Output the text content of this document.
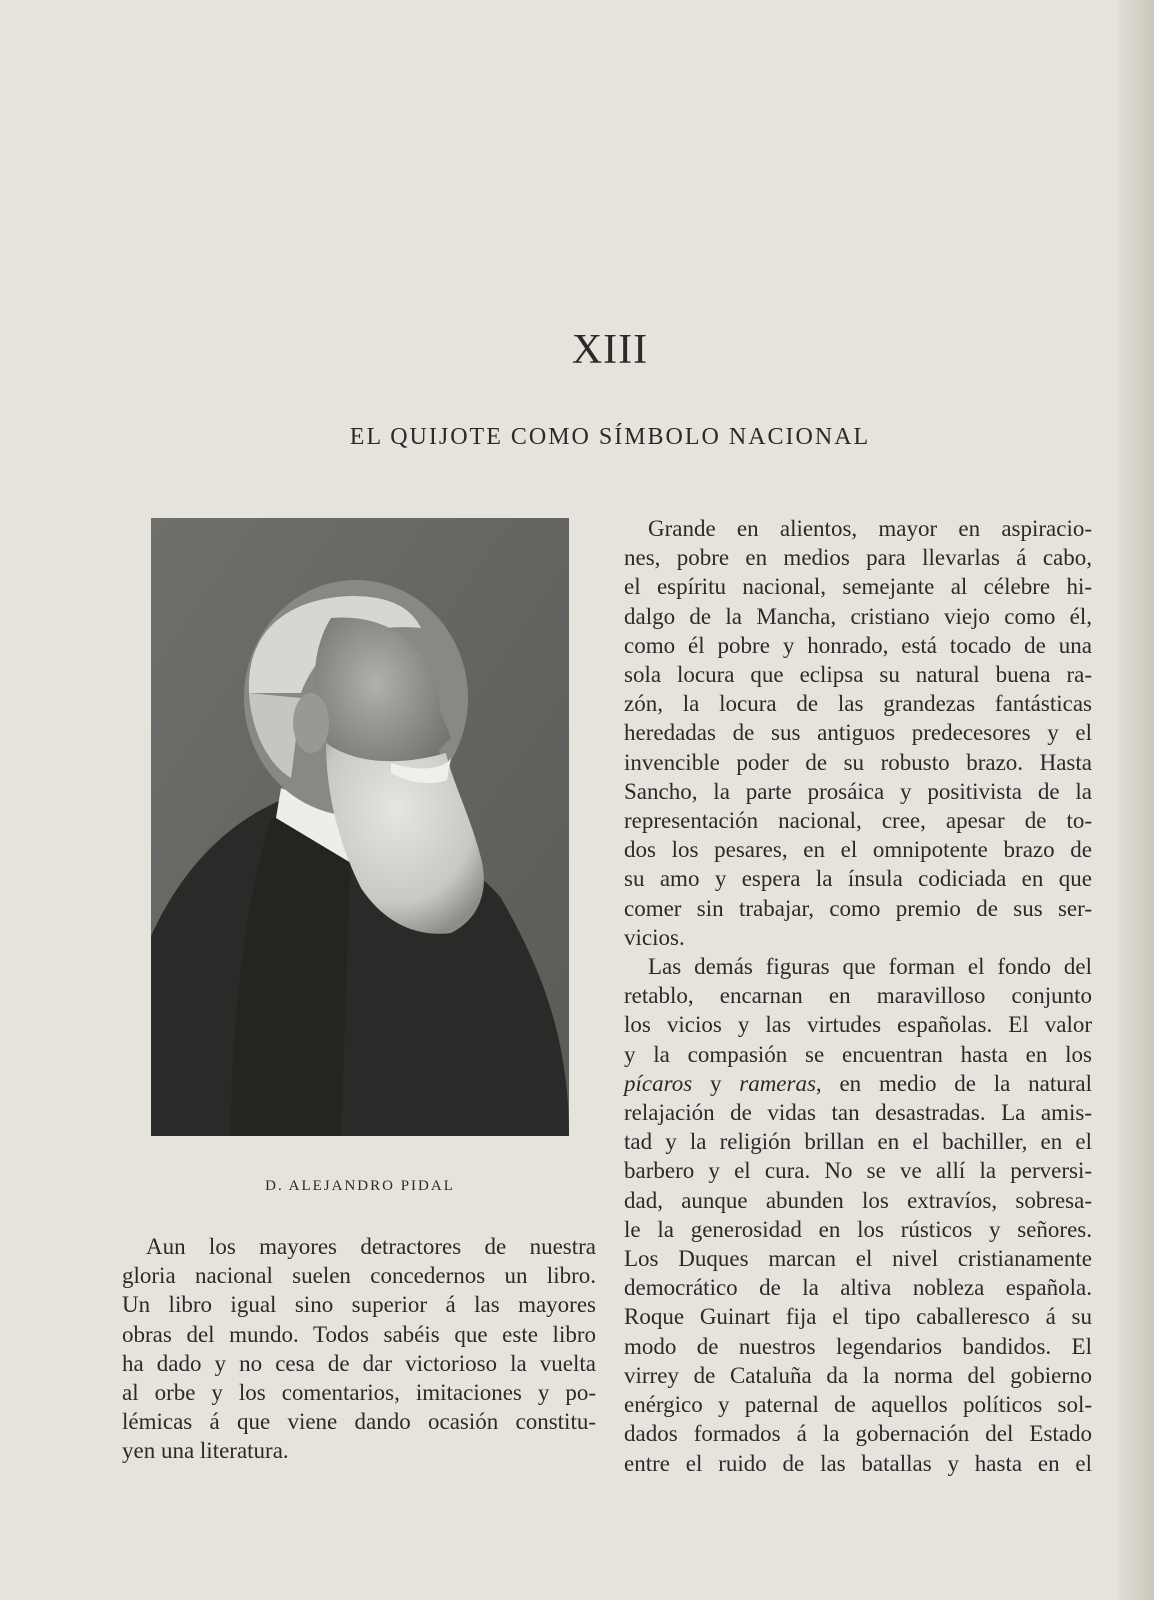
XIII
EL QUIJOTE COMO SÍMBOLO NACIONAL

D. ALEJANDRO PIDAL

Aun los mayores detractores de nuestra
gloria nacional suelen concedernos un libro.
Un libro igual sino superior á las mayores
obras del mundo. Todos sabéis que este libro
ha dado y no cesa de dar victorioso la vuelta
al orbe y los comentarios, imitaciones y po-
lémicas á que viene dando ocasión constitu-
yen una literatura.
Grande en alientos, mayor en aspiracio-
nes, pobre en medios para llevarlas á cabo,
el espíritu nacional, semejante al célebre hi-
dalgo de la Mancha, cristiano viejo como él,
como él pobre y honrado, está tocado de una
sola locura que eclipsa su natural buena ra-
zón, la locura de las grandezas fantásticas
heredadas de sus antiguos predecesores y el
invencible poder de su robusto brazo. Hasta
Sancho, la parte prosáica y positivista de la
representación nacional, cree, apesar de to-
dos los pesares, en el omnipotente brazo de
su amo y espera la ínsula codiciada en que
comer sin trabajar, como premio de sus ser-
vicios.
Las demás figuras que forman el fondo del
retablo, encarnan en maravilloso conjunto
los vicios y las virtudes españolas. El valor
y la compasión se encuentran hasta en los
pícaros y rameras, en medio de la natural
relajación de vidas tan desastradas. La amis-
tad y la religión brillan en el bachiller, en el
barbero y el cura. No se ve allí la perversi-
dad, aunque abunden los extravíos, sobresa-
le la generosidad en los rústicos y señores.
Los Duques marcan el nivel cristianamente
democrático de la altiva nobleza española.
Roque Guinart fija el tipo caballeresco á su
modo de nuestros legendarios bandidos. El
virrey de Cataluña da la norma del gobierno
enérgico y paternal de aquellos políticos sol-
dados formados á la gobernación del Estado
entre el ruido de las batallas y hasta en el
